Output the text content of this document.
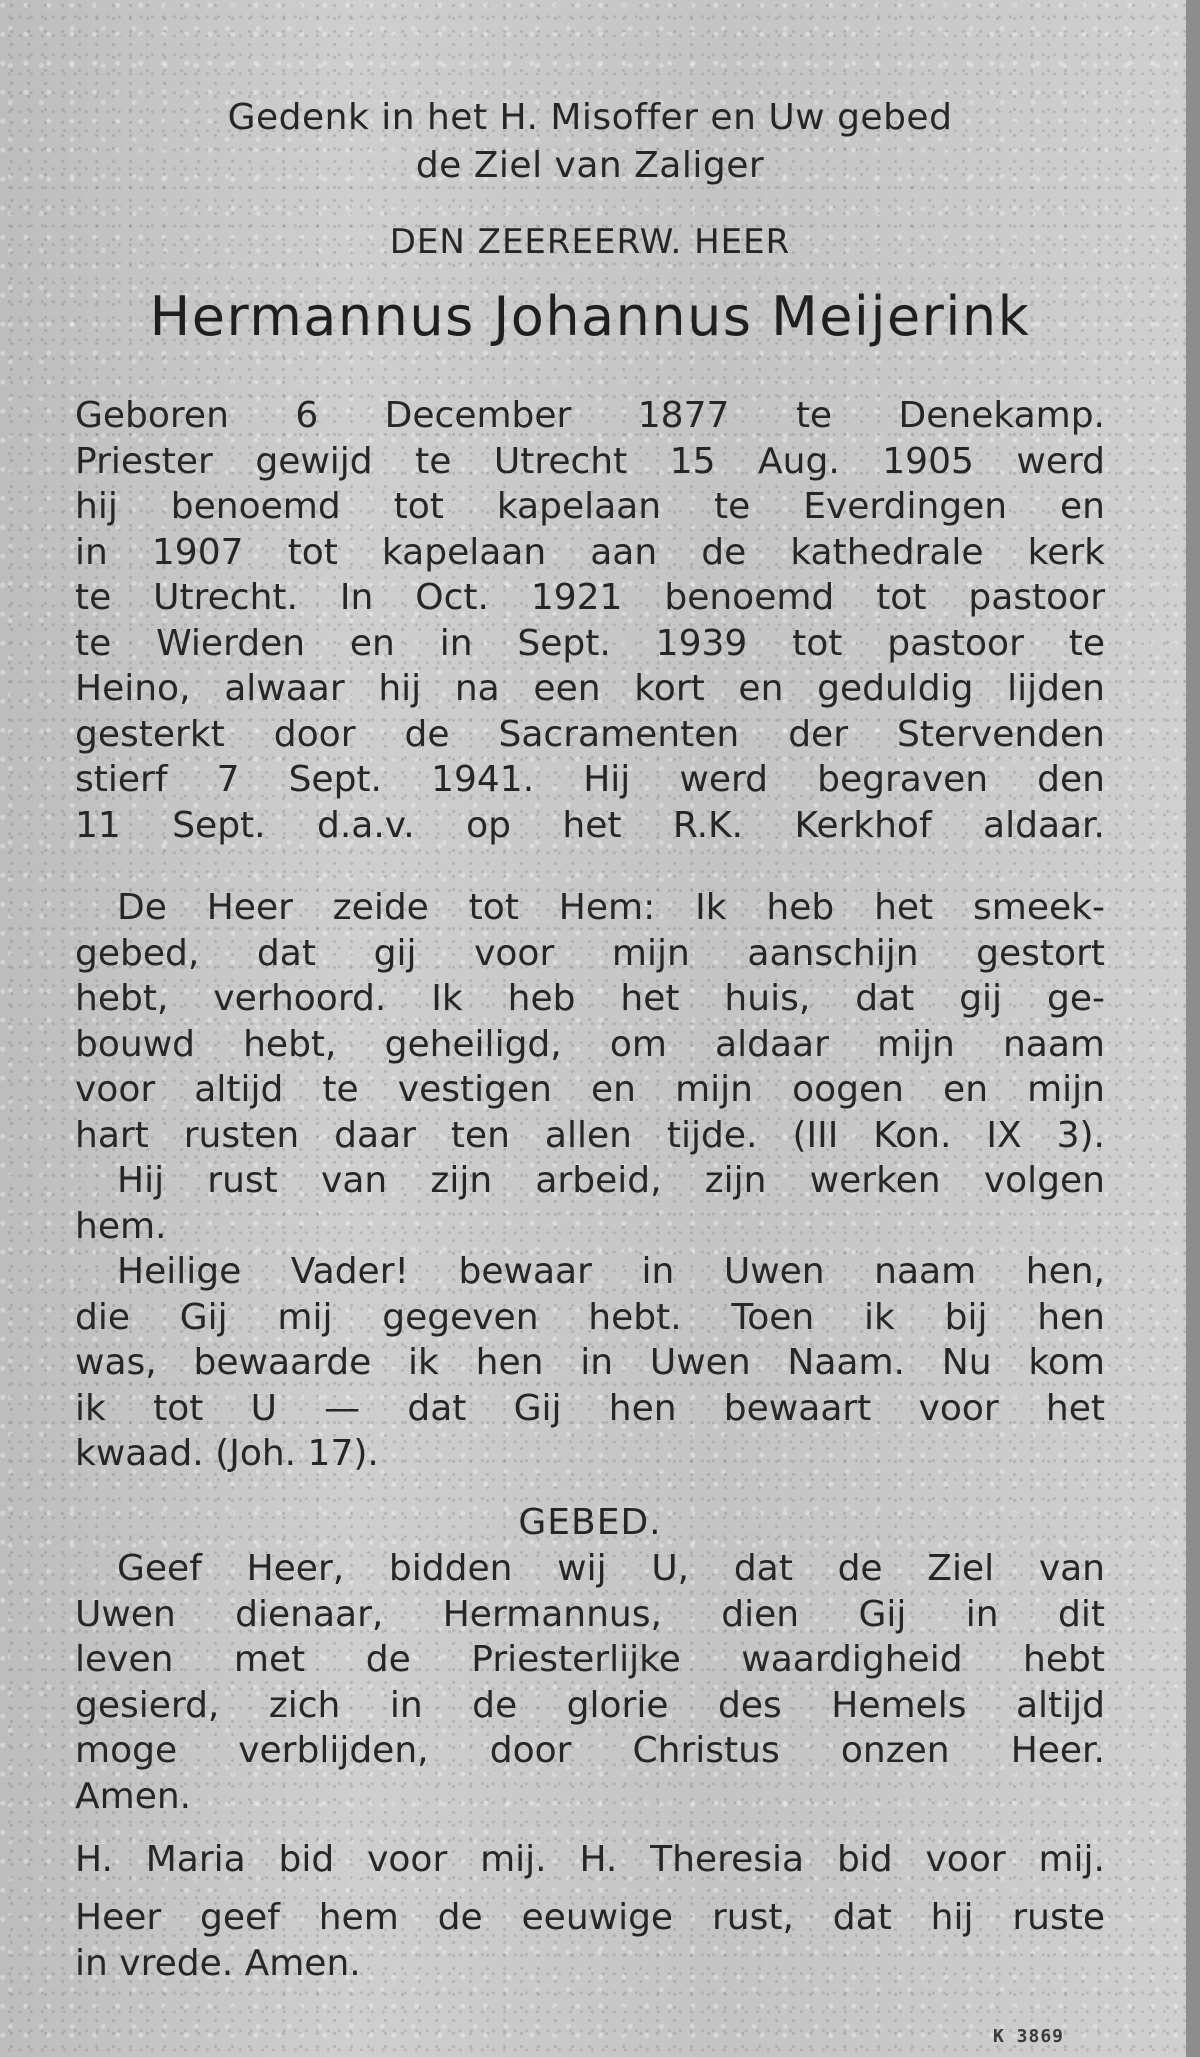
Gedenk in het H. Misoffer en Uw gebed
de Ziel van Zaliger
DEN ZEEREERW. HEER
Hermannus Johannus Meijerink

Geboren 6 December 1877 te Denekamp.

Priester gewijd te Utrecht 15 Aug. 1905 werd

hij benoemd tot kapelaan te Everdingen en

in 1907 tot kapelaan aan de kathedrale kerk

te Utrecht. In Oct. 1921 benoemd tot pastoor

te Wierden en in Sept. 1939 tot pastoor te

Heino, alwaar hij na een kort en geduldig lijden

gesterkt door de Sacramenten der Stervenden

stierf 7 Sept. 1941. Hij werd begraven den

11 Sept. d.a.v. op het R.K. Kerkhof aldaar.

De Heer zeide tot Hem: Ik heb het smeek-

gebed, dat gij voor mijn aanschijn gestort

hebt, verhoord. Ik heb het huis, dat gij ge-

bouwd hebt, geheiligd, om aldaar mijn naam

voor altijd te vestigen en mijn oogen en mijn

hart rusten daar ten allen tijde. (III Kon. IX 3).

Hij rust van zijn arbeid, zijn werken volgen

hem.

Heilige Vader! bewaar in Uwen naam hen,

die Gij mij gegeven hebt. Toen ik bij hen

was, bewaarde ik hen in Uwen Naam. Nu kom

ik tot U — dat Gij hen bewaart voor het

kwaad. (Joh. 17).

GEBED.

Geef Heer, bidden wij U, dat de Ziel van

Uwen dienaar, Hermannus, dien Gij in dit

leven met de Priesterlijke waardigheid hebt

gesierd, zich in de glorie des Hemels altijd

moge verblijden, door Christus onzen Heer.

Amen.

H. Maria bid voor mij. H. Theresia bid voor mij.

Heer geef hem de eeuwige rust, dat hij ruste

in vrede. Amen.

K 3869
